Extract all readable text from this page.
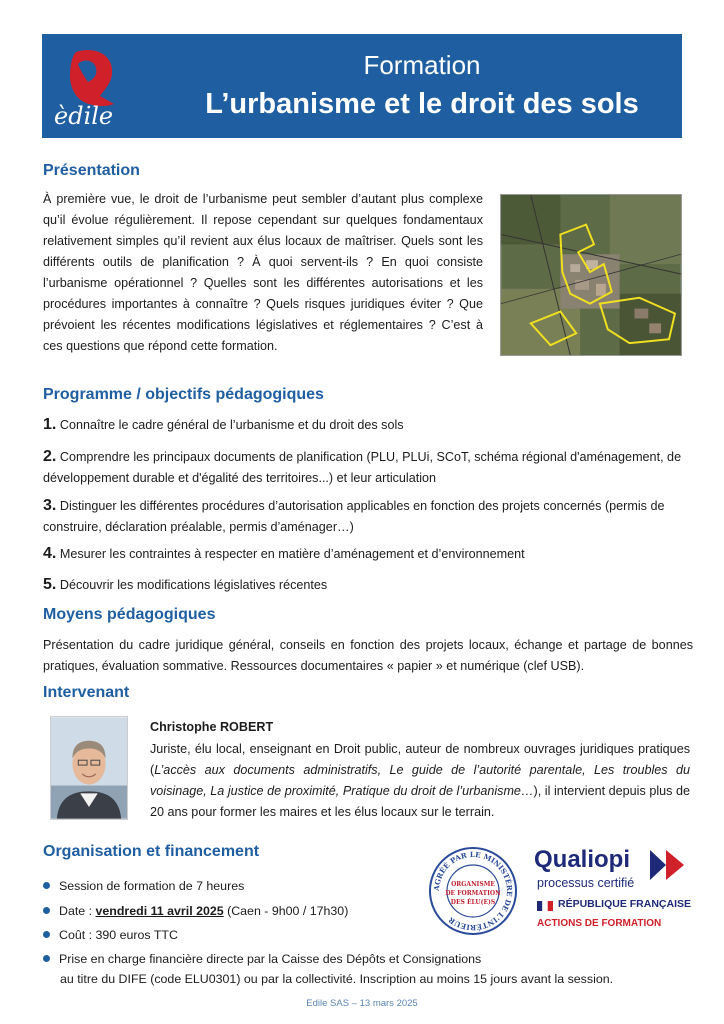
èdile
Formation
L’urbanisme et le droit des sols
Présentation
À première vue, le droit de l’urbanisme peut sembler d’autant plus complexe qu’il évolue régulièrement. Il repose cependant sur quelques fondamentaux relativement simples qu’il revient aux élus locaux de maîtriser. Quels sont les différents outils de planification ? À quoi servent-ils ? En quoi consiste l’urbanisme opérationnel ? Quelles sont les différentes autorisations et les procédures importantes à connaître ? Quels risques juridiques éviter ? Que prévoient les récentes modifications législatives et réglementaires ? C’est à ces questions que répond cette formation.
Programme / objectifs pédagogiques
1. Connaître le cadre général de l’urbanisme et du droit des sols
2. Comprendre les principaux documents de planification (PLU, PLUi, SCoT, schéma régional d'aménagement, de développement durable et d'égalité des territoires...) et leur articulation
3. Distinguer les différentes procédures d’autorisation applicables en fonction des projets concernés (permis de construire, déclaration préalable, permis d’aménager…)
4. Mesurer les contraintes à respecter en matière d’aménagement et d’environnement
5. Découvrir les modifications législatives récentes
Moyens pédagogiques
Présentation du cadre juridique général, conseils en fonction des projets locaux, échange et partage de bonnes pratiques, évaluation sommative. Ressources documentaires « papier » et numérique (clef USB).
Intervenant
Christophe ROBERT
Juriste, élu local, enseignant en Droit public, auteur de nombreux ouvrages juridiques pratiques (L’accès aux documents administratifs, Le guide de l’autorité parentale, Les troubles du voisinage, La justice de proximité, Pratique du droit de l’urbanisme…), il intervient depuis plus de 20 ans pour former les maires et les élus locaux sur le terrain.
Organisation et financement
Session de formation de 7 heures
Date : vendredi 11 avril 2025 (Caen - 9h00 / 17h30)
Coût : 390 euros TTC
Prise en charge financière directe par la Caisse des Dépôts et Consignations
au titre du DIFE (code ELU0301) ou par la collectivité. Inscription au moins 15 jours avant la session.
AGRÉÉ PAR LE MINISTÈRE DE L'INTÉRIEUR
ORGANISME
DE FORMATION
DES ÉLU(E)S
Qualiopi
processus certifié
RÉPUBLIQUE FRANÇAISE
ACTIONS DE FORMATION
Edile SAS – 13 mars 2025
